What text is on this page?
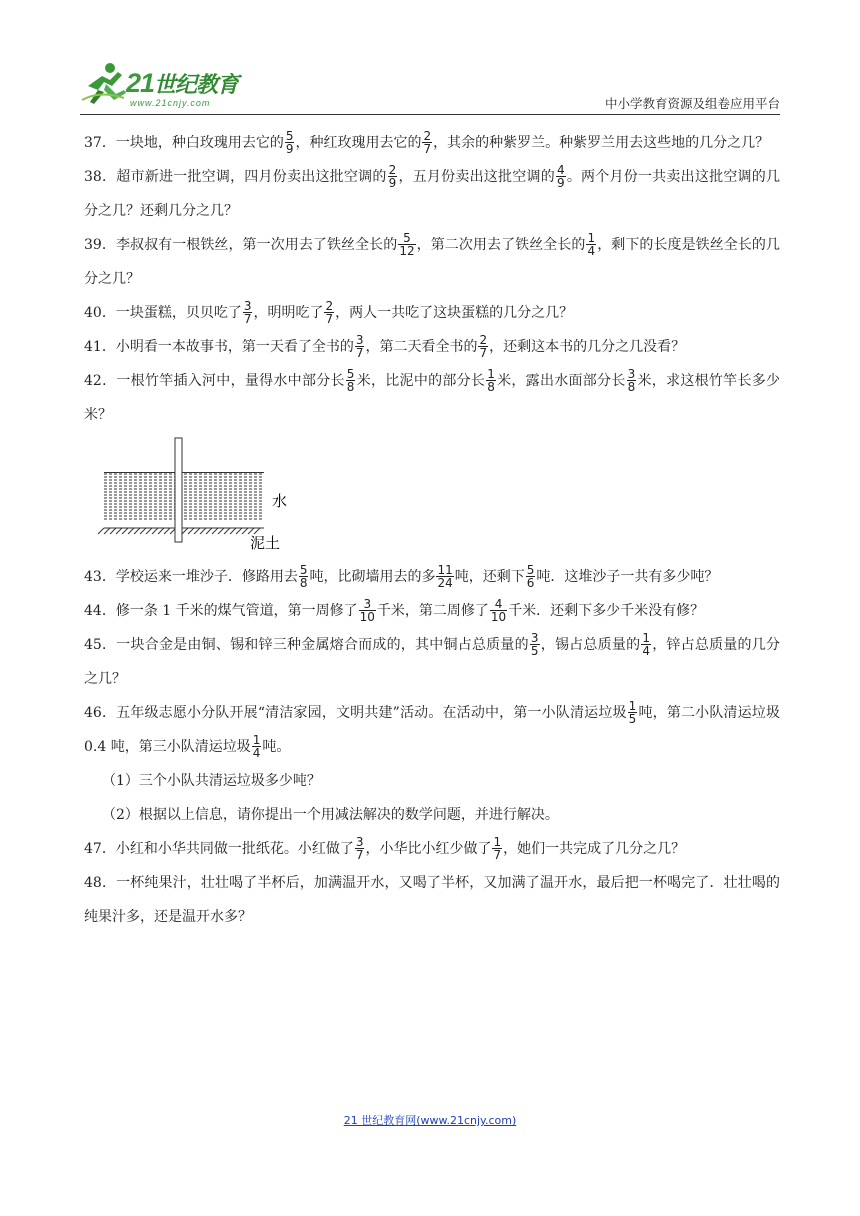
21世纪教育
www.21cnjy.com	中小学教育资源及组卷应用平台

37．一块地，种白玫瑰用去它的 $\frac{5}{9}$ ，种红玫瑰用去它的 $\frac{2}{7}$ ，其余的种紫罗兰。种紫罗兰用去这些地的几分之几？

38．超市新进一批空调，四月份卖出这批空调的 $\frac{2}{9}$ ，五月份卖出这批空调的 $\frac{4}{9}$ 。两个月份一共卖出这批空调的几分之几？还剩几分之几？

39．李叔叔有一根铁丝，第一次用去了铁丝全长的 $\frac{5}{12}$ ，第二次用去了铁丝全长的 $\frac{1}{4}$ ，剩下的长度是铁丝全长的几分之几？

40．一块蛋糕，贝贝吃了 $\frac{3}{7}$ ，明明吃了 $\frac{2}{7}$ ，两人一共吃了这块蛋糕的几分之几？

41．小明看一本故事书，第一天看了全书的 $\frac{3}{7}$ ，第二天看全书的 $\frac{2}{7}$ ，还剩这本书的几分之几没看？

42．一根竹竿插入河中，量得水中部分长 $\frac{5}{8}$ 米，比泥中的部分长 $\frac{1}{8}$ 米，露出水面部分长 $\frac{3}{8}$ 米，求这根竹竿长多少米？

水
泥土

43．学校运来一堆沙子．修路用去 $\frac{5}{8}$ 吨，比砌墙用去的多 $\frac{11}{24}$ 吨，还剩下 $\frac{5}{6}$ 吨．这堆沙子一共有多少吨？

44．修一条 1 千米的煤气管道，第一周修了 $\frac{3}{10}$ 千米，第二周修了 $\frac{4}{10}$ 千米．还剩下多少千米没有修？

45．一块合金是由铜、锡和锌三种金属熔合而成的，其中铜占总质量的 $\frac{3}{5}$ ，锡占总质量的 $\frac{1}{4}$ ，锌占总质量的几分之几？

46．五年级志愿小分队开展“清洁家园，文明共建”活动。在活动中，第一小队清运垃圾 $\frac{1}{5}$ 吨，第二小队清运垃圾 0.4 吨，第三小队清运垃圾 $\frac{1}{4}$ 吨。

（1）三个小队共清运垃圾多少吨？

（2）根据以上信息，请你提出一个用减法解决的数学问题，并进行解决。

47．小红和小华共同做一批纸花。小红做了 $\frac{3}{7}$ ，小华比小红少做了 $\frac{1}{7}$ ，她们一共完成了几分之几？

48．一杯纯果汁，壮壮喝了半杯后，加满温开水，又喝了半杯，又加满了温开水，最后把一杯喝完了．壮壮喝的纯果汁多，还是温开水多？

21 世纪教育网(www.21cnjy.com)
